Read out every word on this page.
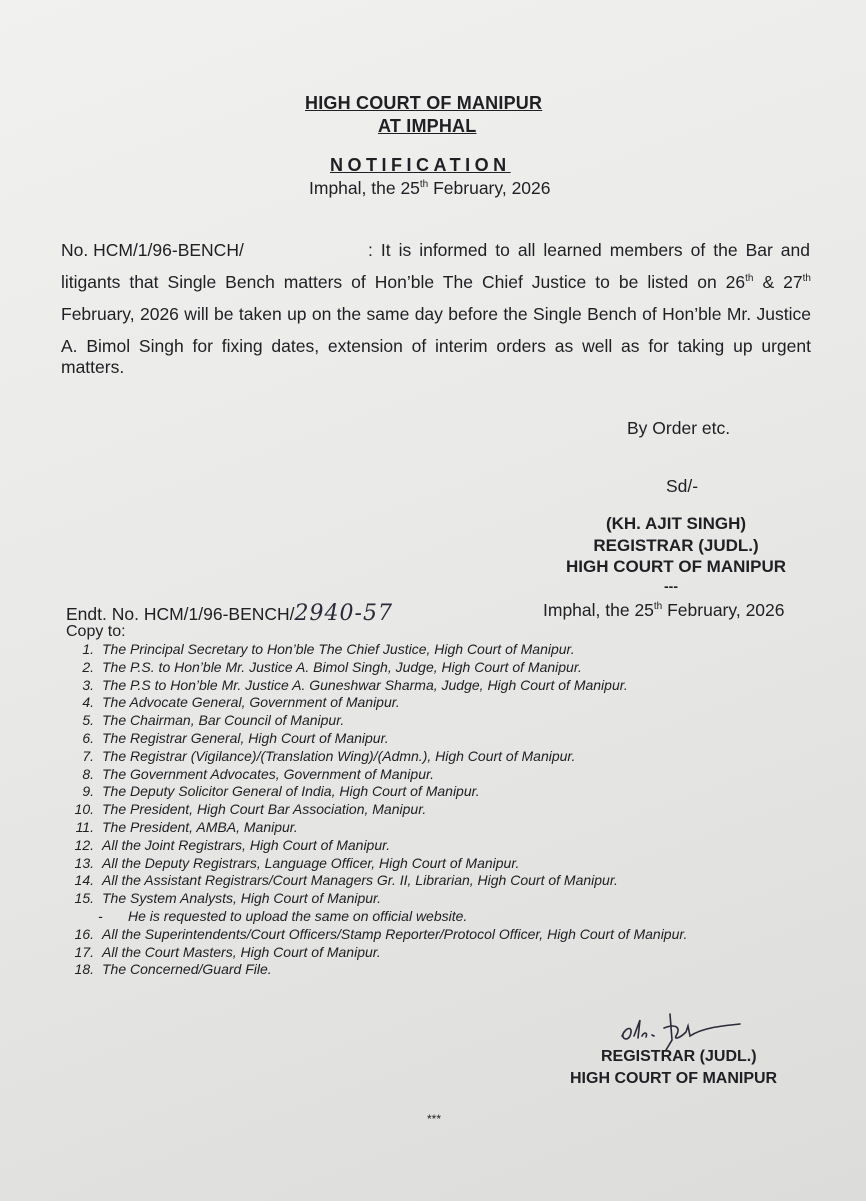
HIGH COURT OF MANIPUR
AT IMPHAL
NOTIFICATION
Imphal, the 25th February, 2026
No. HCM/1/96-BENCH/	: It is informed to all learned members of the Bar and
litigants that Single Bench matters of Hon’ble The Chief Justice to be listed on 26th & 27th
February, 2026 will be taken up on the same day before the Single Bench of Hon’ble Mr. Justice
A. Bimol Singh for fixing dates, extension of interim orders as well as for taking up urgent matters.
By Order etc.
Sd/-
(KH. AJIT SINGH)
REGISTRAR (JUDL.)
HIGH COURT OF MANIPUR
---
Endt. No. HCM/1/96-BENCH/2940-57	Imphal, the 25th February, 2026
Copy to:
1. The Principal Secretary to Hon’ble The Chief Justice, High Court of Manipur.
2. The P.S. to Hon’ble Mr. Justice A. Bimol Singh, Judge, High Court of Manipur.
3. The P.S to Hon’ble Mr. Justice A. Guneshwar Sharma, Judge, High Court of Manipur.
4. The Advocate General, Government of Manipur.
5. The Chairman, Bar Council of Manipur.
6. The Registrar General, High Court of Manipur.
7. The Registrar (Vigilance)/(Translation Wing)/(Admn.), High Court of Manipur.
8. The Government Advocates, Government of Manipur.
9. The Deputy Solicitor General of India, High Court of Manipur.
10. The President, High Court Bar Association, Manipur.
11. The President, AMBA, Manipur.
12. All the Joint Registrars, High Court of Manipur.
13. All the Deputy Registrars, Language Officer, High Court of Manipur.
14. All the Assistant Registrars/Court Managers Gr. II, Librarian, High Court of Manipur.
15. The System Analysts, High Court of Manipur.
- He is requested to upload the same on official website.
16. All the Superintendents/Court Officers/Stamp Reporter/Protocol Officer, High Court of Manipur.
17. All the Court Masters, High Court of Manipur.
18. The Concerned/Guard File.
REGISTRAR (JUDL.)
HIGH COURT OF MANIPUR
***
